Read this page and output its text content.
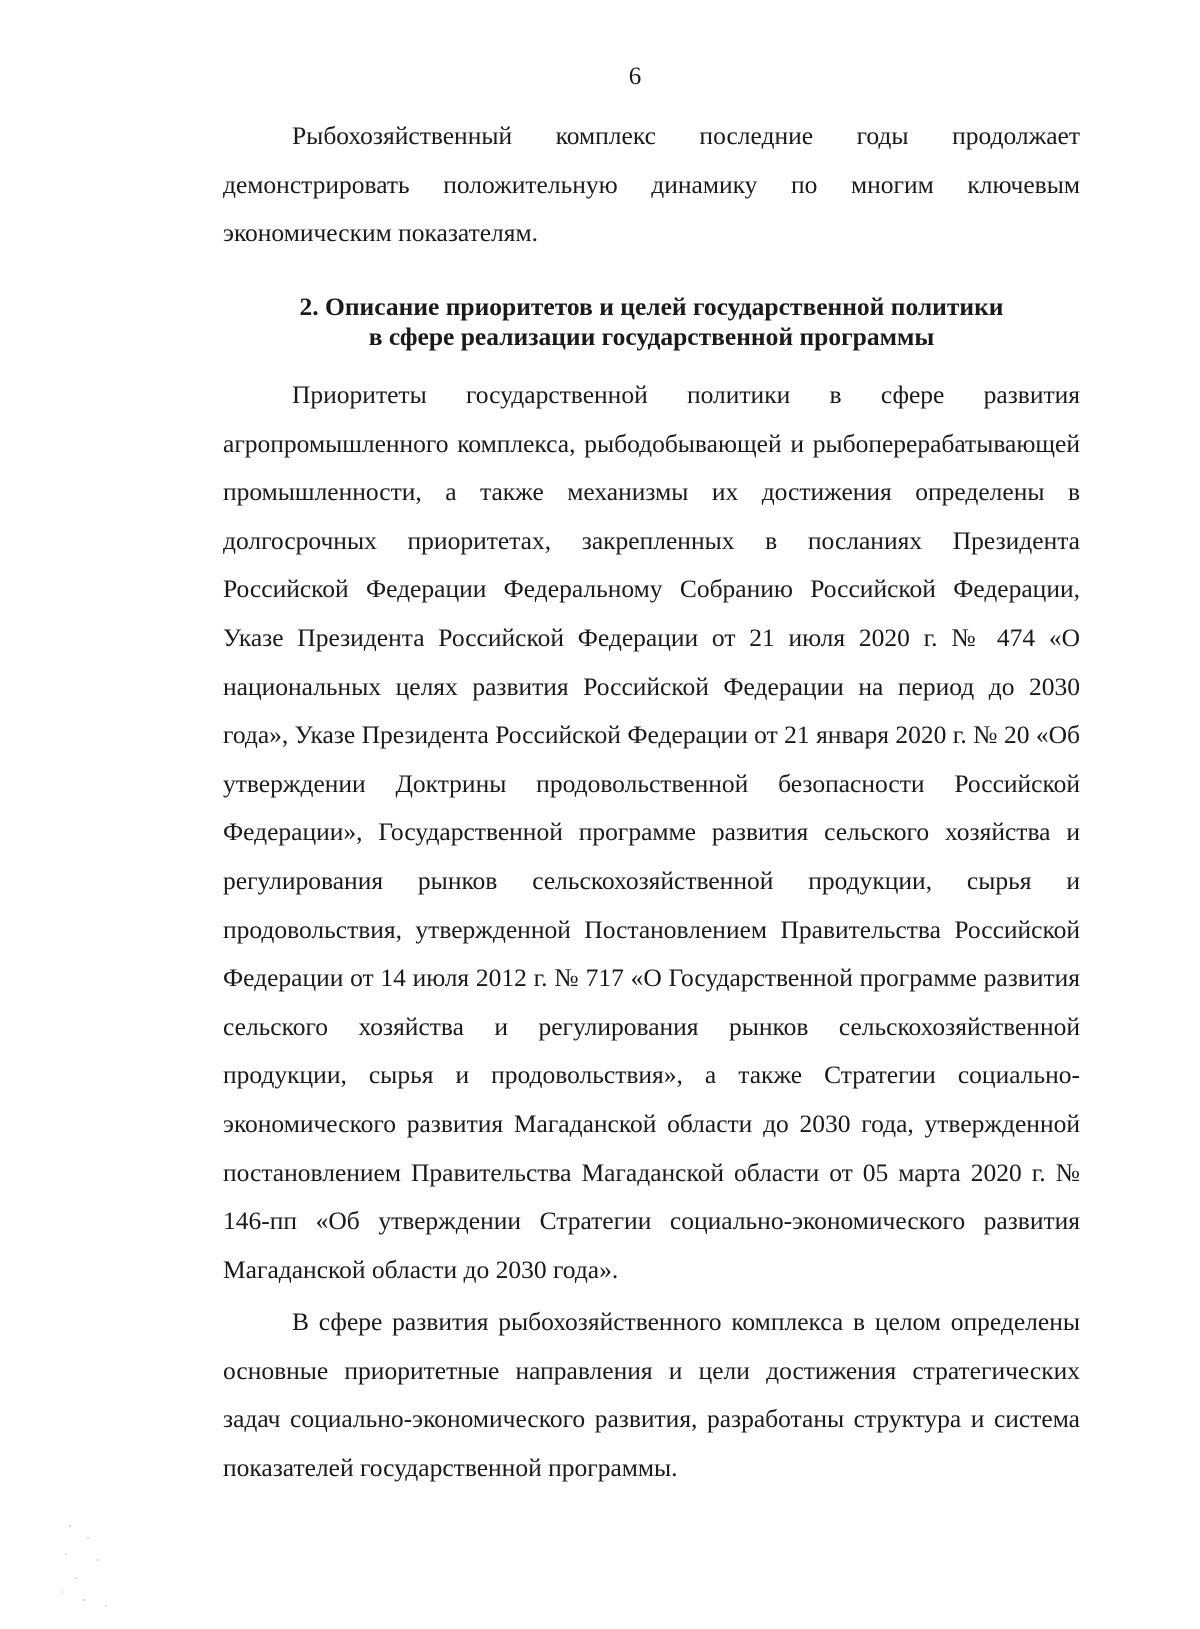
6

Рыбохозяйственный комплекс последние годы продолжает демонстрировать положительную динамику по многим ключевым экономическим показателям.

2. Описание приоритетов и целей государственной политики
в сфере реализации государственной программы

Приоритеты государственной политики в сфере развития агропромышленного комплекса, рыбодобывающей и рыбоперерабатывающей промышленности, а также механизмы их достижения определены в долгосрочных приоритетах, закрепленных в посланиях Президента Российской Федерации Федеральному Собранию Российской Федерации, Указе Президента Российской Федерации от 21 июля 2020 г. № 474 «О национальных целях развития Российской Федерации на период до 2030 года», Указе Президента Российской Федерации от 21 января 2020 г. № 20 «Об утверждении Доктрины продовольственной безопасности Российской Федерации», Государственной программе развития сельского хозяйства и регулирования рынков сельскохозяйственной продукции, сырья и продовольствия, утвержденной Постановлением Правительства Российской Федерации от 14 июля 2012 г. № 717 «О Государственной программе развития сельского хозяйства и регулирования рынков сельскохозяйственной продукции, сырья и продовольствия», а также Стратегии социально-экономического развития Магаданской области до 2030 года, утвержденной постановлением Правительства Магаданской области от 05 марта 2020 г. № 146-пп «Об утверждении Стратегии социально-экономического развития Магаданской области до 2030 года».

В сфере развития рыбохозяйственного комплекса в целом определены основные приоритетные направления и цели достижения стратегических задач социально-экономического развития, разработаны структура и система показателей государственной программы.
